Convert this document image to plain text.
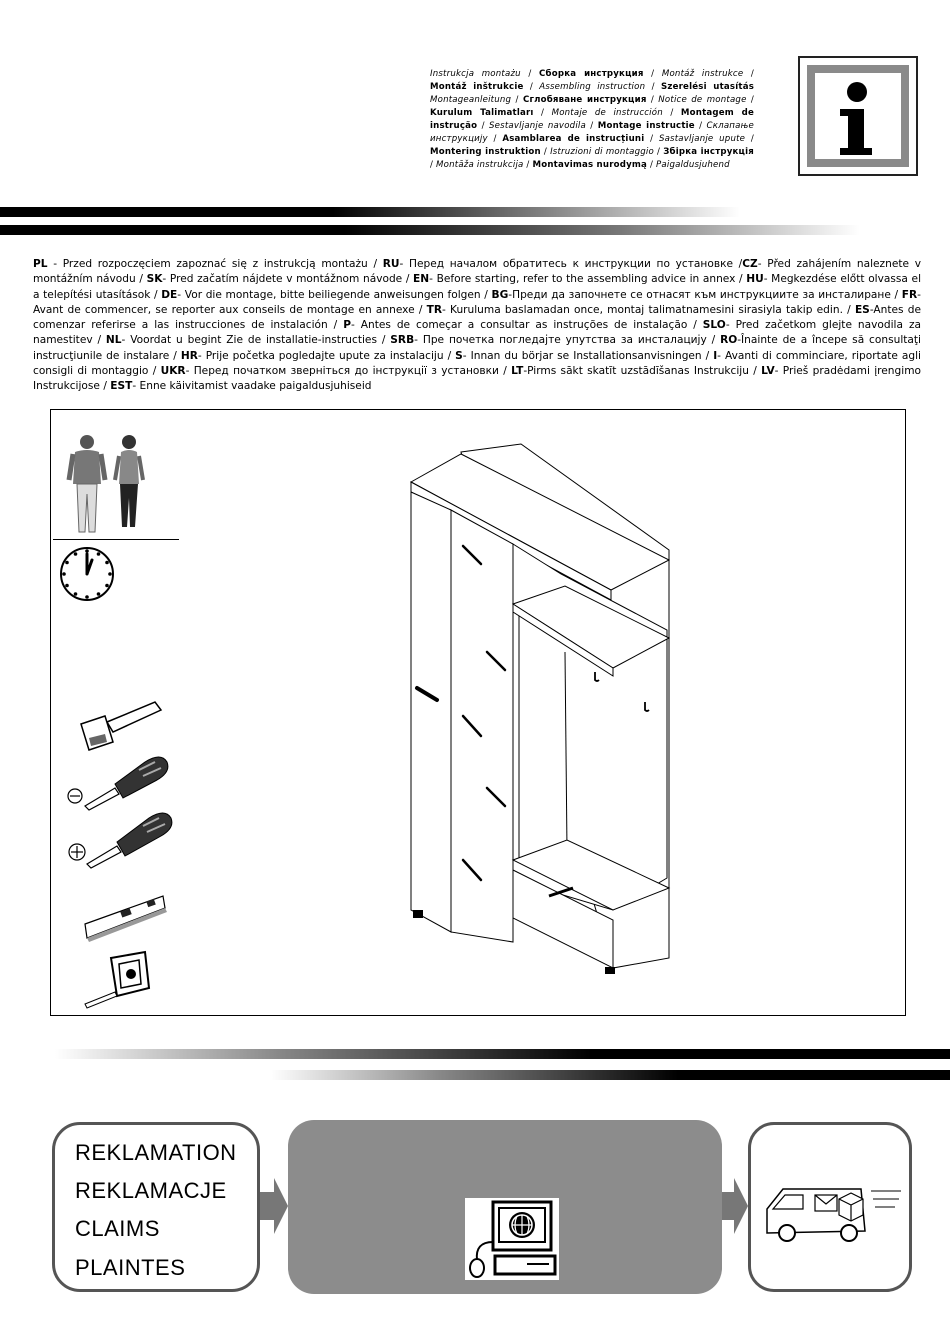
Instrukcja montażu / Сборка инструкция / Montáž instrukce / Montáž inštrukcie / Assembling instruction / Szerelési utasítás Montageanleitung / Сглобяване инструкция / Notice de montage / Kurulum Talimatları / Montaje de instrucción / Montagem de instrução / Sestavljanje navodila / Montage instructie / Склапање инструкцију / Asamblarea de instrucțiuni / Sastavljanje upute / Montering instruktion / Istruzioni di montaggio / Збірка інструкція / Montāža instrukcija / Montavimas nurodymą / Paigaldusjuhend
PL - Przed rozpoczęciem zapoznać się z instrukcją montażu / RU- Перед началом обратитесь к инструкции по установке /CZ- Před zahájením naleznete v montážním návodu / SK- Pred začatím nájdete v montážnom návode / EN- Before starting, refer to the assembling advice in annex / HU- Megkezdése előtt olvassa el a telepítési utasítások / DE- Vor die montage, bitte beiliegende anweisungen folgen / BG-Преди да започнете се отнасят към инструкциите за инсталиране / FR- Avant de commencer, se reporter aux conseils de montage en annexe / TR- Kuruluma baslamadan once, montaj talimatnamesini sirasiyla takip edin. / ES-Antes de comenzar referirse a las instrucciones de instalación / P- Antes de começar a consultar as instruções de instalação / SLO- Pred začetkom glejte navodila za namestitev / NL- Voordat u begint Zie de installatie-instructies / SRB- Пре почетка погледајте упутства за инсталацију / RO-Înainte de a începe să consultaţi instrucţiunile de instalare / HR- Prije početka pogledajte upute za instalaciju / S- Innan du börjar se Installationsanvisningen / I- Avanti di comminciare, riportate agli consigli di montaggio / UKR- Перед початком звернiться до інструкції з установки / LT-Pirms sākt skatīt uzstādīšanas Instrukciju / LV- Prieš pradėdami įrengimo Instrukcijose / EST- Enne käivitamist vaadake paigaldusjuhiseid
REKLAMATION
REKLAMACJE
CLAIMS
PLAINTES
